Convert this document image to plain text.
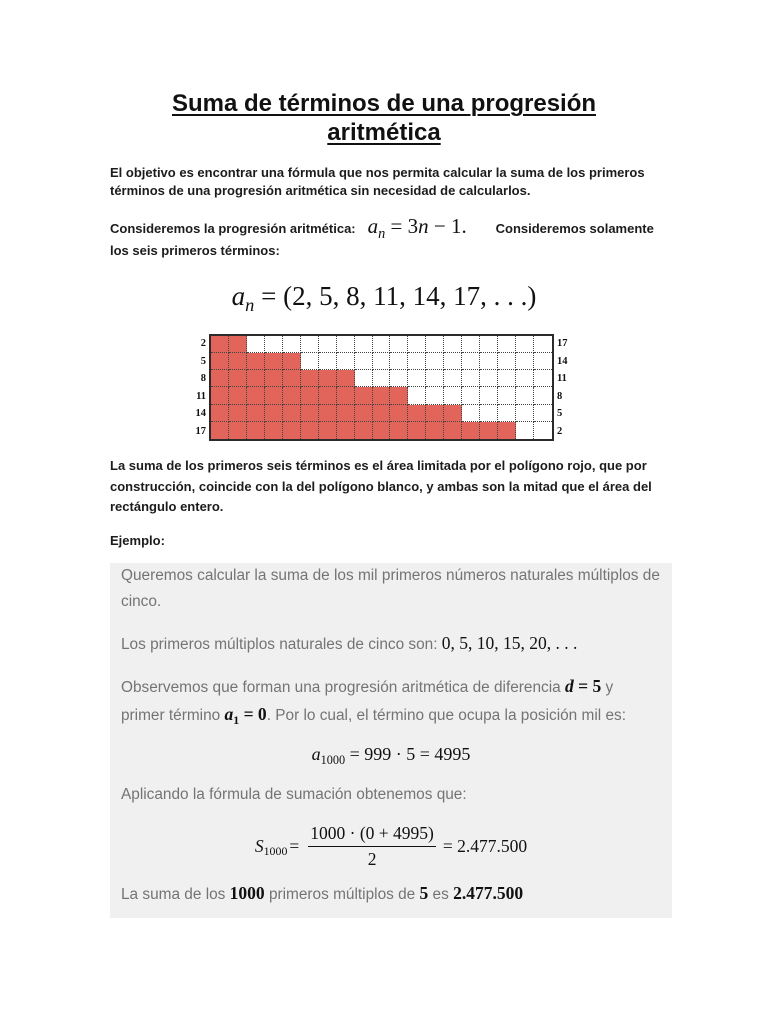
Suma de términos de una progresión aritmética
El objetivo es encontrar una fórmula que nos permita calcular la suma de los primeros términos de una progresión aritmética sin necesidad de calcularlos.
Consideremos la progresión aritmética: $a_n = 3n - 1$. Consideremos solamente los seis primeros términos:
$a_n = (2$, 5, 8, 11, 14, 17, . . .)
2
5
8
11
14
17
17
14
11
8
5
2
La suma de los primeros seis términos es el área limitada por el polígono rojo, que por construcción, coincide con la del polígono blanco, y ambas son la mitad que el área del rectángulo entero.
Ejemplo:
Queremos calcular la suma de los mil primeros números naturales múltiplos de cinco.
Los primeros múltiplos naturales de cinco son: 0, 5, 10, 15, 20, . . .
Observemos que forman una progresión aritmética de diferencia d = 5 y primer término $a_1 = 0$. Por lo cual, el término que ocupa la posición mil es:
$a_{1000} = 999 \cdot 5 = 4995$
Aplicando la fórmula de sumación obtenemos que:
$S_{1000} = \frac{1000 \cdot (0 + 4995)}{2} = 2.477.500$
La suma de los 1000 primeros múltiplos de 5 es 2.477.500
